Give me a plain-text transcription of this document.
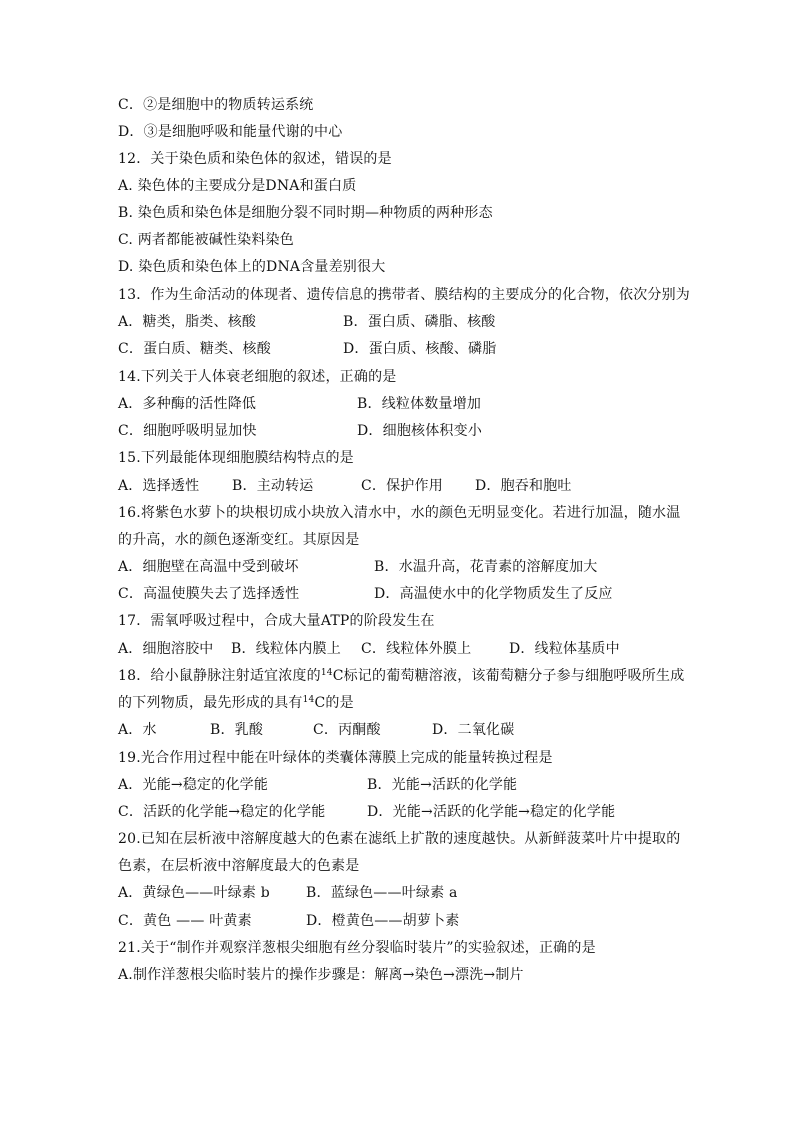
C．②是细胞中的物质转运系统
D．③是细胞呼吸和能量代谢的中心
12．关于染色质和染色体的叙述，错误的是
A. 染色体的主要成分是DNA和蛋白质
B. 染色质和染色体是细胞分裂不同时期—种物质的两种形态
C. 两者都能被碱性染料染色
D. 染色质和染色体上的DNA含量差别很大
13．作为生命活动的体现者、遗传信息的携带者、膜结构的主要成分的化合物，依次分别为
A．糖类，脂类、核酸	B．蛋白质、磷脂、核酸
C．蛋白质、糖类、核酸	D．蛋白质、核酸、磷脂
14.下列关于人体衰老细胞的叙述，正确的是
A．多种酶的活性降低	B．线粒体数量增加
C．细胞呼吸明显加快	D．细胞核体积变小
15.下列最能体现细胞膜结构特点的是
A．选择透性 B．主动转运	C．保护作用 D．胞吞和胞吐
16.将紫色水萝卜的块根切成小块放入清水中，水的颜色无明显变化。若进行加温，随水温
的升高，水的颜色逐渐变红。其原因是
A．细胞壁在高温中受到破坏	B．水温升高，花青素的溶解度加大
C．高温使膜失去了选择透性	D．高温使水中的化学物质发生了反应
17．需氧呼吸过程中，合成大量ATP的阶段发生在
A．细胞溶胶中 B．线粒体内膜上 C．线粒体外膜上	D．线粒体基质中
18．给小鼠静脉注射适宜浓度的$^{14}$C标记的葡萄糖溶液，该葡萄糖分子参与细胞呼吸所生成
的下列物质，最先形成的具有$^{14}$C的是
A．水	B．乳酸	C．丙酮酸	D．二氧化碳
19.光合作用过程中能在叶绿体的类囊体薄膜上完成的能量转换过程是
A．光能→稳定的化学能	B．光能→活跃的化学能
C．活跃的化学能→稳定的化学能	D．光能→活跃的化学能→稳定的化学能
20.已知在层析液中溶解度越大的色素在滤纸上扩散的速度越快。从新鲜菠菜叶片中提取的
色素，在层析液中溶解度最大的色素是
A．黄绿色——叶绿素 b	B．蓝绿色——叶绿素 a
C．黄色 —— 叶黄素	D．橙黄色——胡萝卜素
21.关于“制作并观察洋葱根尖细胞有丝分裂临时装片”的实验叙述，正确的是
A.制作洋葱根尖临时装片的操作步骤是：解离→染色→漂洗→制片
